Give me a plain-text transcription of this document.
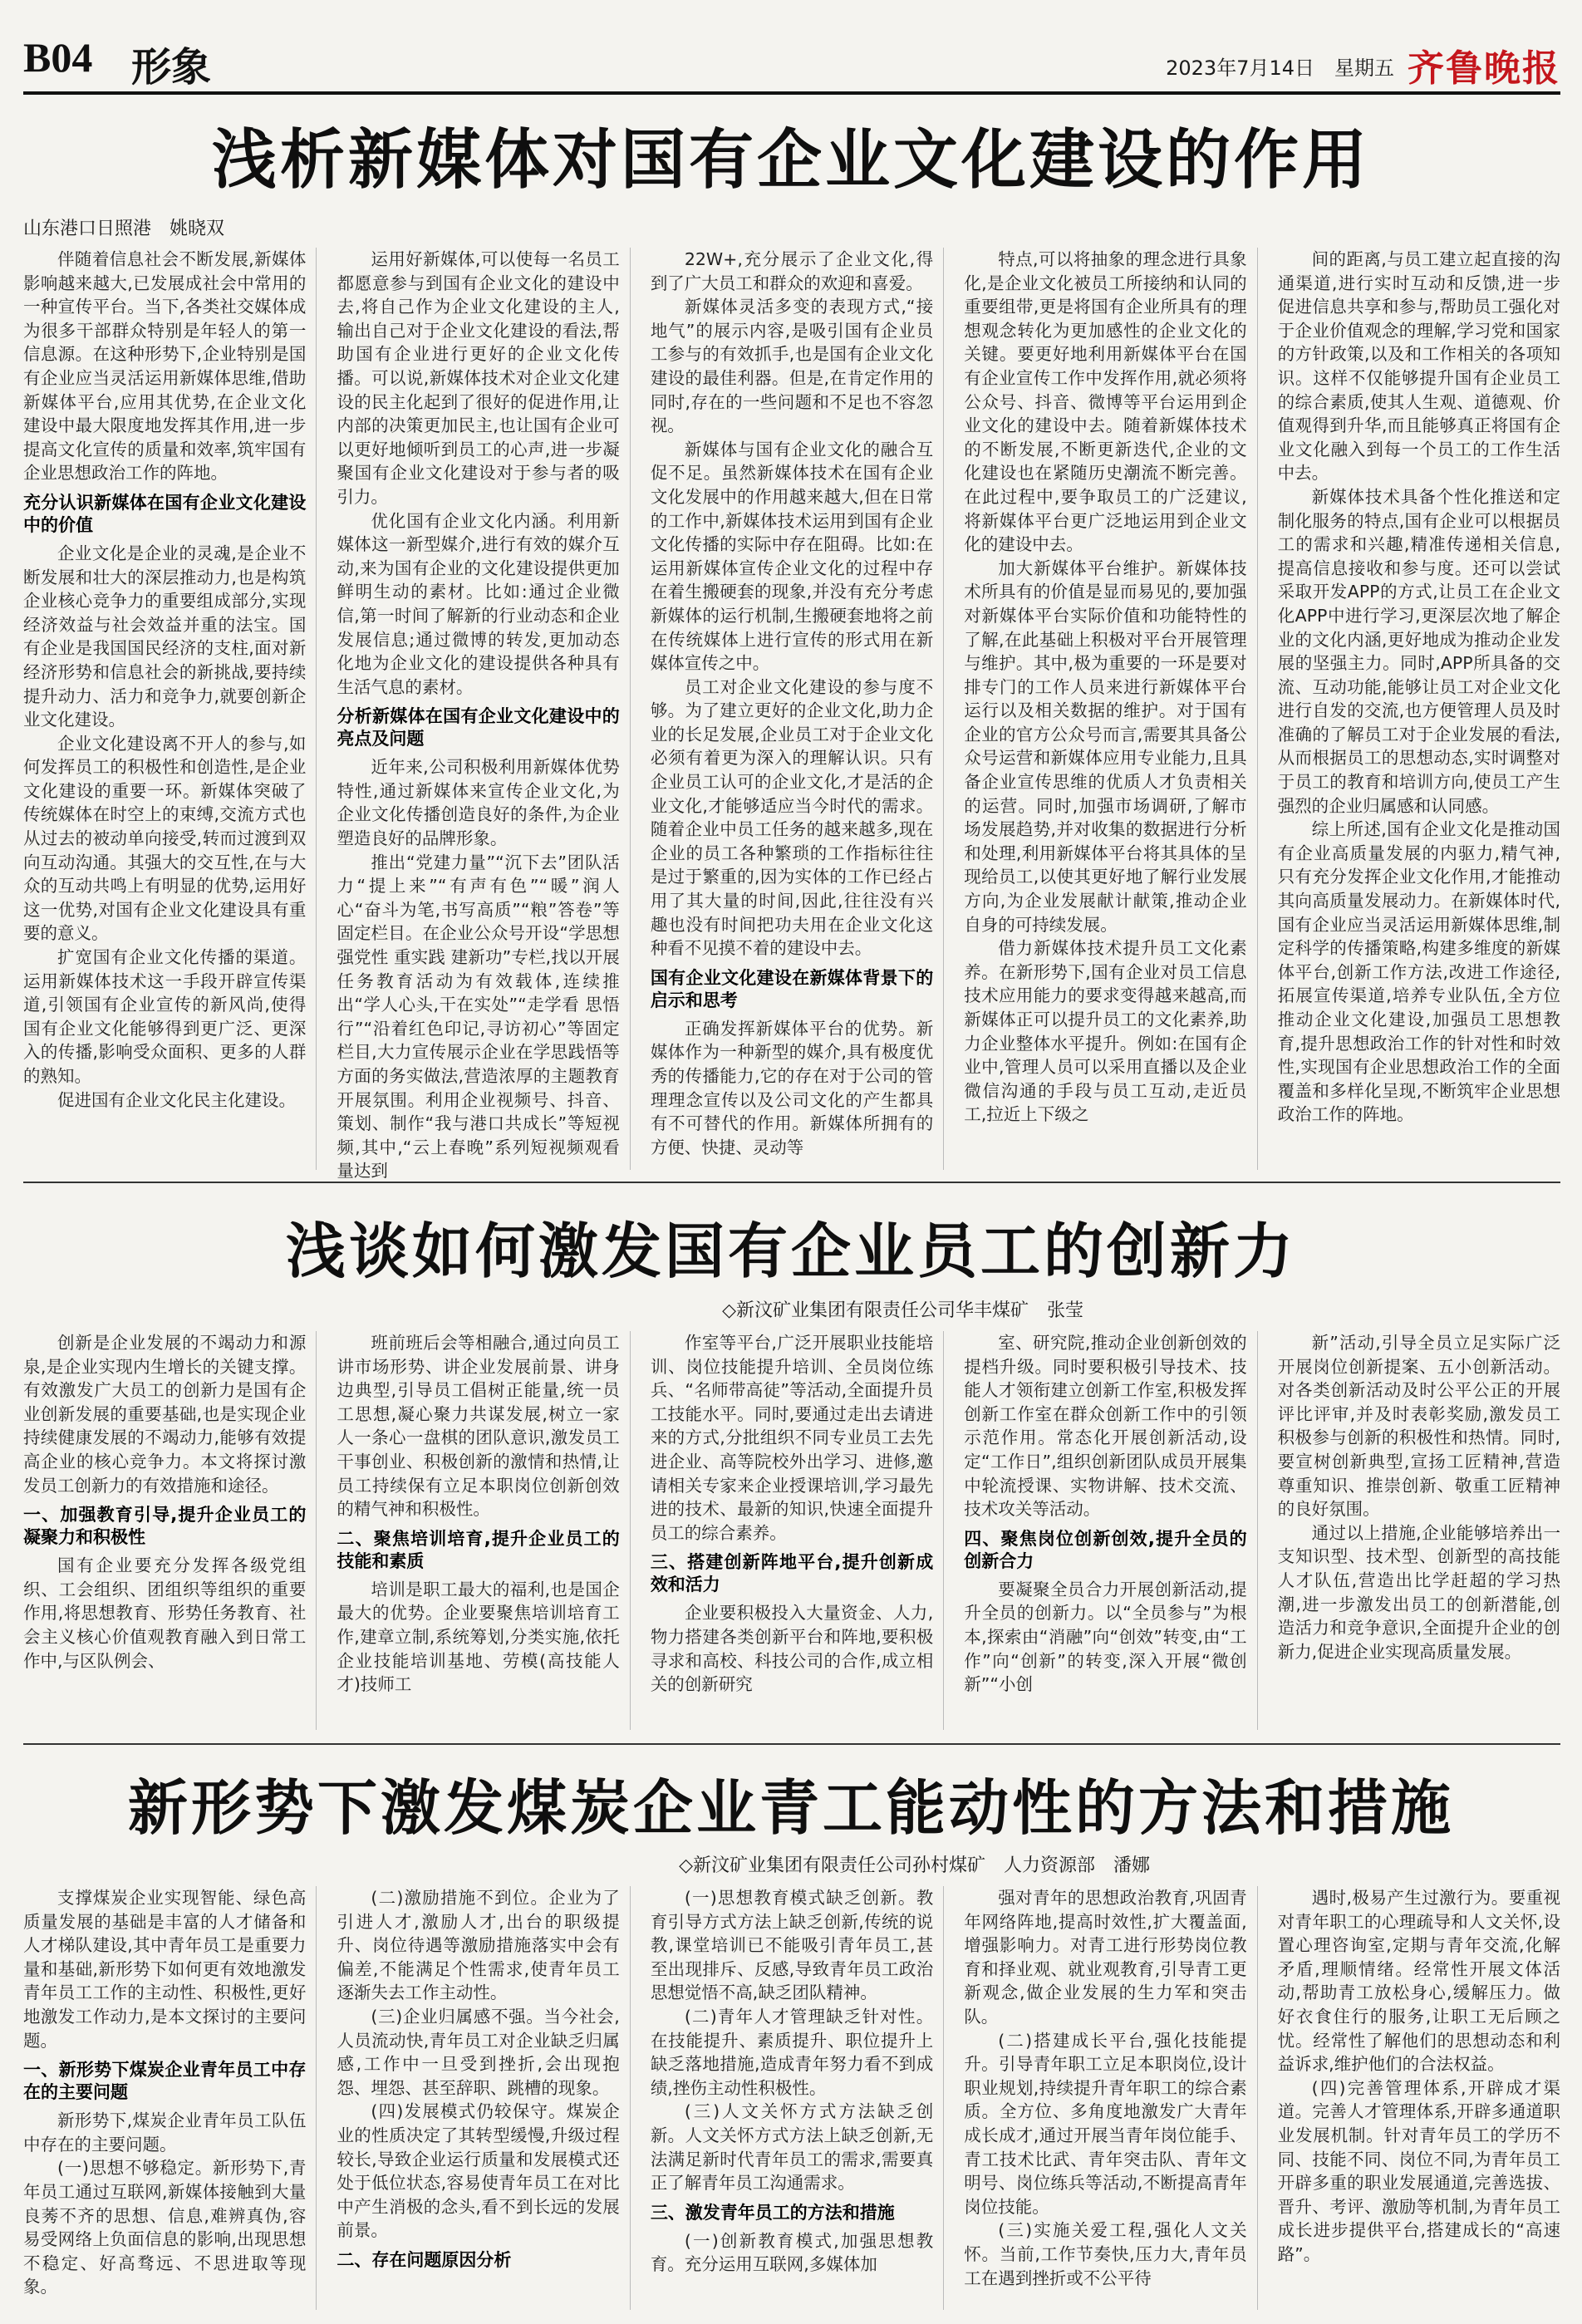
B04 形象	2023年7月14日　星期五 齐鲁晚报
浅析新媒体对国有企业文化建设的作用
山东港口日照港　姚晓双

伴随着信息社会不断发展,新媒体影响越来越大,已发展成社会中常用的一种宣传平台。当下,各类社交媒体成为很多干部群众特别是年轻人的第一信息源。在这种形势下,企业特别是国有企业应当灵活运用新媒体思维,借助新媒体平台,应用其优势,在企业文化建设中最大限度地发挥其作用,进一步提高文化宣传的质量和效率,筑牢国有企业思想政治工作的阵地。

充分认识新媒体在国有企业文化建设中的价值

企业文化是企业的灵魂,是企业不断发展和壮大的深层推动力,也是构筑企业核心竞争力的重要组成部分,实现经济效益与社会效益并重的法宝。国有企业是我国国民经济的支柱,面对新经济形势和信息社会的新挑战,要持续提升动力、活力和竞争力,就要创新企业文化建设。

企业文化建设离不开人的参与,如何发挥员工的积极性和创造性,是企业文化建设的重要一环。新媒体突破了传统媒体在时空上的束缚,交流方式也从过去的被动单向接受,转而过渡到双向互动沟通。其强大的交互性,在与大众的互动共鸣上有明显的优势,运用好这一优势,对国有企业文化建设具有重要的意义。

扩宽国有企业文化传播的渠道。运用新媒体技术这一手段开辟宣传渠道,引领国有企业宣传的新风尚,使得国有企业文化能够得到更广泛、更深入的传播,影响受众面积、更多的人群的熟知。

促进国有企业文化民主化建设。

运用好新媒体,可以使每一名员工都愿意参与到国有企业文化的建设中去,将自己作为企业文化建设的主人,输出自己对于企业文化建设的看法,帮助国有企业进行更好的企业文化传播。可以说,新媒体技术对企业文化建设的民主化起到了很好的促进作用,让内部的决策更加民主,也让国有企业可以更好地倾听到员工的心声,进一步凝聚国有企业文化建设对于参与者的吸引力。

优化国有企业文化内涵。利用新媒体这一新型媒介,进行有效的媒介互动,来为国有企业的文化建设提供更加鲜明生动的素材。比如:通过企业微信,第一时间了解新的行业动态和企业发展信息;通过微博的转发,更加动态化地为企业文化的建设提供各种具有生活气息的素材。

分析新媒体在国有企业文化建设中的亮点及问题

近年来,公司积极利用新媒体优势特性,通过新媒体来宣传企业文化,为企业文化传播创造良好的条件,为企业塑造良好的品牌形象。

推出“党建力量”“沉下去”团队活力“提上来”“有声有色”“暖”润人心“奋斗为笔,书写高质”“粮”答卷”等固定栏目。在企业公众号开设“学思想 强党性 重实践 建新功”专栏,找以开展任务教育活动为有效载体,连续推出“学人心头,干在实处”“走学看 思悟行”“沿着红色印记,寻访初心”等固定栏目,大力宣传展示企业在学思践悟等方面的务实做法,营造浓厚的主题教育开展氛围。利用企业视频号、抖音、策划、制作“我与港口共成长”等短视频,其中,“云上春晚”系列短视频观看量达到

22W+,充分展示了企业文化,得到了广大员工和群众的欢迎和喜爱。

新媒体灵活多变的表现方式,“接地气”的展示内容,是吸引国有企业员工参与的有效抓手,也是国有企业文化建设的最佳利器。但是,在肯定作用的同时,存在的一些问题和不足也不容忽视。

新媒体与国有企业文化的融合互促不足。虽然新媒体技术在国有企业文化发展中的作用越来越大,但在日常的工作中,新媒体技术运用到国有企业文化传播的实际中存在阻碍。比如:在运用新媒体宣传企业文化的过程中存在着生搬硬套的现象,并没有充分考虑新媒体的运行机制,生搬硬套地将之前在传统媒体上进行宣传的形式用在新媒体宣传之中。

员工对企业文化建设的参与度不够。为了建立更好的企业文化,助力企业的长足发展,企业员工对于企业文化必须有着更为深入的理解认识。只有企业员工认可的企业文化,才是活的企业文化,才能够适应当今时代的需求。随着企业中员工任务的越来越多,现在企业的员工各种繁琐的工作指标往往是过于繁重的,因为实体的工作已经占用了其大量的时间,因此,往往没有兴趣也没有时间把功夫用在企业文化这种看不见摸不着的建设中去。

国有企业文化建设在新媒体背景下的启示和思考

正确发挥新媒体平台的优势。新媒体作为一种新型的媒介,具有极度优秀的传播能力,它的存在对于公司的管理理念宣传以及公司文化的产生都具有不可替代的作用。新媒体所拥有的方便、快捷、灵动等

特点,可以将抽象的理念进行具象化,是企业文化被员工所接纳和认同的重要组带,更是将国有企业所具有的理想观念转化为更加感性的企业文化的关键。要更好地利用新媒体平台在国有企业宣传工作中发挥作用,就必须将公众号、抖音、微博等平台运用到企业文化的建设中去。随着新媒体技术的不断发展,不断更新迭代,企业的文化建设也在紧随历史潮流不断完善。在此过程中,要争取员工的广泛建议,将新媒体平台更广泛地运用到企业文化的建设中去。

加大新媒体平台维护。新媒体技术所具有的价值是显而易见的,要加强对新媒体平台实际价值和功能特性的了解,在此基础上积极对平台开展管理与维护。其中,极为重要的一环是要对排专门的工作人员来进行新媒体平台运行以及相关数据的维护。对于国有企业的官方公众号而言,需要其具备公众号运营和新媒体应用专业能力,且具备企业宣传思维的优质人才负责相关的运营。同时,加强市场调研,了解市场发展趋势,并对收集的数据进行分析和处理,利用新媒体平台将其具体的呈现给员工,以使其更好地了解行业发展方向,为企业发展献计献策,推动企业自身的可持续发展。

借力新媒体技术提升员工文化素养。在新形势下,国有企业对员工信息技术应用能力的要求变得越来越高,而新媒体正可以提升员工的文化素养,助力企业整体水平提升。例如:在国有企业中,管理人员可以采用直播以及企业微信沟通的手段与员工互动,走近员工,拉近上下级之

间的距离,与员工建立起直接的沟通渠道,进行实时互动和反馈,进一步促进信息共享和参与,帮助员工强化对于企业价值观念的理解,学习党和国家的方针政策,以及和工作相关的各项知识。这样不仅能够提升国有企业员工的综合素质,使其人生观、道德观、价值观得到升华,而且能够真正将国有企业文化融入到每一个员工的工作生活中去。

新媒体技术具备个性化推送和定制化服务的特点,国有企业可以根据员工的需求和兴趣,精准传递相关信息,提高信息接收和参与度。还可以尝试采取开发APP的方式,让员工在企业文化APP中进行学习,更深层次地了解企业的文化内涵,更好地成为推动企业发展的坚强主力。同时,APP所具备的交流、互动功能,能够让员工对企业文化进行自发的交流,也方便管理人员及时准确的了解员工对于企业发展的看法,从而根据员工的思想动态,实时调整对于员工的教育和培训方向,使员工产生强烈的企业归属感和认同感。

综上所述,国有企业文化是推动国有企业高质量发展的内驱力,精气神,只有充分发挥企业文化作用,才能推动其向高质量发展动力。在新媒体时代,国有企业应当灵活运用新媒体思维,制定科学的传播策略,构建多维度的新媒体平台,创新工作方法,改进工作途径,拓展宣传渠道,培养专业队伍,全方位推动企业文化建设,加强员工思想教育,提升思想政治工作的针对性和时效性,实现国有企业思想政治工作的全面覆盖和多样化呈现,不断筑牢企业思想政治工作的阵地。

浅谈如何激发国有企业员工的创新力
◇新汶矿业集团有限责任公司华丰煤矿　张莹

创新是企业发展的不竭动力和源泉,是企业实现内生增长的关键支撑。有效激发广大员工的创新力是国有企业创新发展的重要基础,也是实现企业持续健康发展的不竭动力,能够有效提高企业的核心竞争力。本文将探讨激发员工创新力的有效措施和途径。

一、加强教育引导,提升企业员工的凝聚力和积极性

国有企业要充分发挥各级党组织、工会组织、团组织等组织的重要作用,将思想教育、形势任务教育、社会主义核心价值观教育融入到日常工作中,与区队例会、

班前班后会等相融合,通过向员工讲市场形势、讲企业发展前景、讲身边典型,引导员工倡树正能量,统一员工思想,凝心聚力共谋发展,树立一家人一条心一盘棋的团队意识,激发员工干事创业、积极创新的激情和热情,让员工持续保有立足本职岗位创新创效的精气神和积极性。

二、聚焦培训培育,提升企业员工的技能和素质

培训是职工最大的福利,也是国企最大的优势。企业要聚焦培训培育工作,建章立制,系统筹划,分类实施,依托企业技能培训基地、劳模(高技能人才)技师工

作室等平台,广泛开展职业技能培训、岗位技能提升培训、全员岗位练兵、“名师带高徒”等活动,全面提升员工技能水平。同时,要通过走出去请进来的方式,分批组织不同专业员工去先进企业、高等院校外出学习、进修,邀请相关专家来企业授课培训,学习最先进的技术、最新的知识,快速全面提升员工的综合素养。

三、搭建创新阵地平台,提升创新成效和活力

企业要积极投入大量资金、人力,物力搭建各类创新平台和阵地,要积极寻求和高校、科技公司的合作,成立相关的创新研究

室、研究院,推动企业创新创效的提档升级。同时要积极引导技术、技能人才领衔建立创新工作室,积极发挥创新工作室在群众创新工作中的引领示范作用。常态化开展创新活动,设定“工作日”,组织创新团队成员开展集中轮流授课、实物讲解、技术交流、技术攻关等活动。

四、聚焦岗位创新创效,提升全员的创新合力

要凝聚全员合力开展创新活动,提升全员的创新力。以“全员参与”为根本,探索由“消融”向“创效”转变,由“工作”向“创新”的转变,深入开展“微创新”“小创

新”活动,引导全员立足实际广泛开展岗位创新提案、五小创新活动。对各类创新活动及时公平公正的开展评比评审,并及时表彰奖励,激发员工积极参与创新的积极性和热情。同时,要宣树创新典型,宣扬工匠精神,营造尊重知识、推崇创新、敬重工匠精神的良好氛围。

通过以上措施,企业能够培养出一支知识型、技术型、创新型的高技能人才队伍,营造出比学赶超的学习热潮,进一步激发出员工的创新潜能,创造活力和竞争意识,全面提升企业的创新力,促进企业实现高质量发展。

新形势下激发煤炭企业青工能动性的方法和措施
◇新汶矿业集团有限责任公司孙村煤矿　人力资源部　潘娜

支撑煤炭企业实现智能、绿色高质量发展的基础是丰富的人才储备和人才梯队建设,其中青年员工是重要力量和基础,新形势下如何更有效地激发青年员工工作的主动性、积极性,更好地激发工作动力,是本文探讨的主要问题。

一、新形势下煤炭企业青年员工中存在的主要问题

新形势下,煤炭企业青年员工队伍中存在的主要问题。

(一)思想不够稳定。新形势下,青年员工通过互联网,新媒体接触到大量良莠不齐的思想、信息,难辨真伪,容易受网络上负面信息的影响,出现思想不稳定、好高骛远、不思进取等现象。

(二)激励措施不到位。企业为了引进人才,激励人才,出台的职级提升、岗位待遇等激励措施落实中会有偏差,不能满足个性需求,使青年员工逐渐失去工作主动性。

(三)企业归属感不强。当今社会,人员流动快,青年员工对企业缺乏归属感,工作中一旦受到挫折,会出现抱怨、埋怨、甚至辞职、跳槽的现象。

(四)发展模式仍较保守。煤炭企业的性质决定了其转型缓慢,升级过程较长,导致企业运行质量和发展模式还处于低位状态,容易使青年员工在对比中产生消极的念头,看不到长远的发展前景。

二、存在问题原因分析

(一)思想教育模式缺乏创新。教育引导方式方法上缺乏创新,传统的说教,课堂培训已不能吸引青年员工,甚至出现排斥、反感,导致青年员工政治思想觉悟不高,缺乏团队精神。

(二)青年人才管理缺乏针对性。在技能提升、素质提升、职位提升上缺乏落地措施,造成青年努力看不到成绩,挫伤主动性积极性。

(三)人文关怀方式方法缺乏创新。人文关怀方式方法上缺乏创新,无法满足新时代青年员工的需求,需要真正了解青年员工沟通需求。

三、激发青年员工的方法和措施

(一)创新教育模式,加强思想教育。充分运用互联网,多媒体加

强对青年的思想政治教育,巩固青年网络阵地,提高时效性,扩大覆盖面,增强影响力。对青工进行形势岗位教育和择业观、就业观教育,引导青工更新观念,做企业发展的生力军和突击队。

(二)搭建成长平台,强化技能提升。引导青年职工立足本职岗位,设计职业规划,持续提升青年职工的综合素质。全方位、多角度地激发广大青年成长成才,通过开展当青年岗位能手、青工技术比武、青年突击队、青年文明号、岗位练兵等活动,不断提高青年岗位技能。

(三)实施关爱工程,强化人文关怀。当前,工作节奏快,压力大,青年员工在遇到挫折或不公平待

遇时,极易产生过激行为。要重视对青年职工的心理疏导和人文关怀,设置心理咨询室,定期与青年交流,化解矛盾,理顺情绪。经常性开展文体活动,帮助青工放松身心,缓解压力。做好衣食住行的服务,让职工无后顾之忧。经常性了解他们的思想动态和利益诉求,维护他们的合法权益。

(四)完善管理体系,开辟成才渠道。完善人才管理体系,开辟多通道职业发展机制。针对青年员工的学历不同、技能不同、岗位不同,为青年员工开辟多重的职业发展通道,完善选拔、晋升、考评、激励等机制,为青年员工成长进步提供平台,搭建成长的“高速路”。
